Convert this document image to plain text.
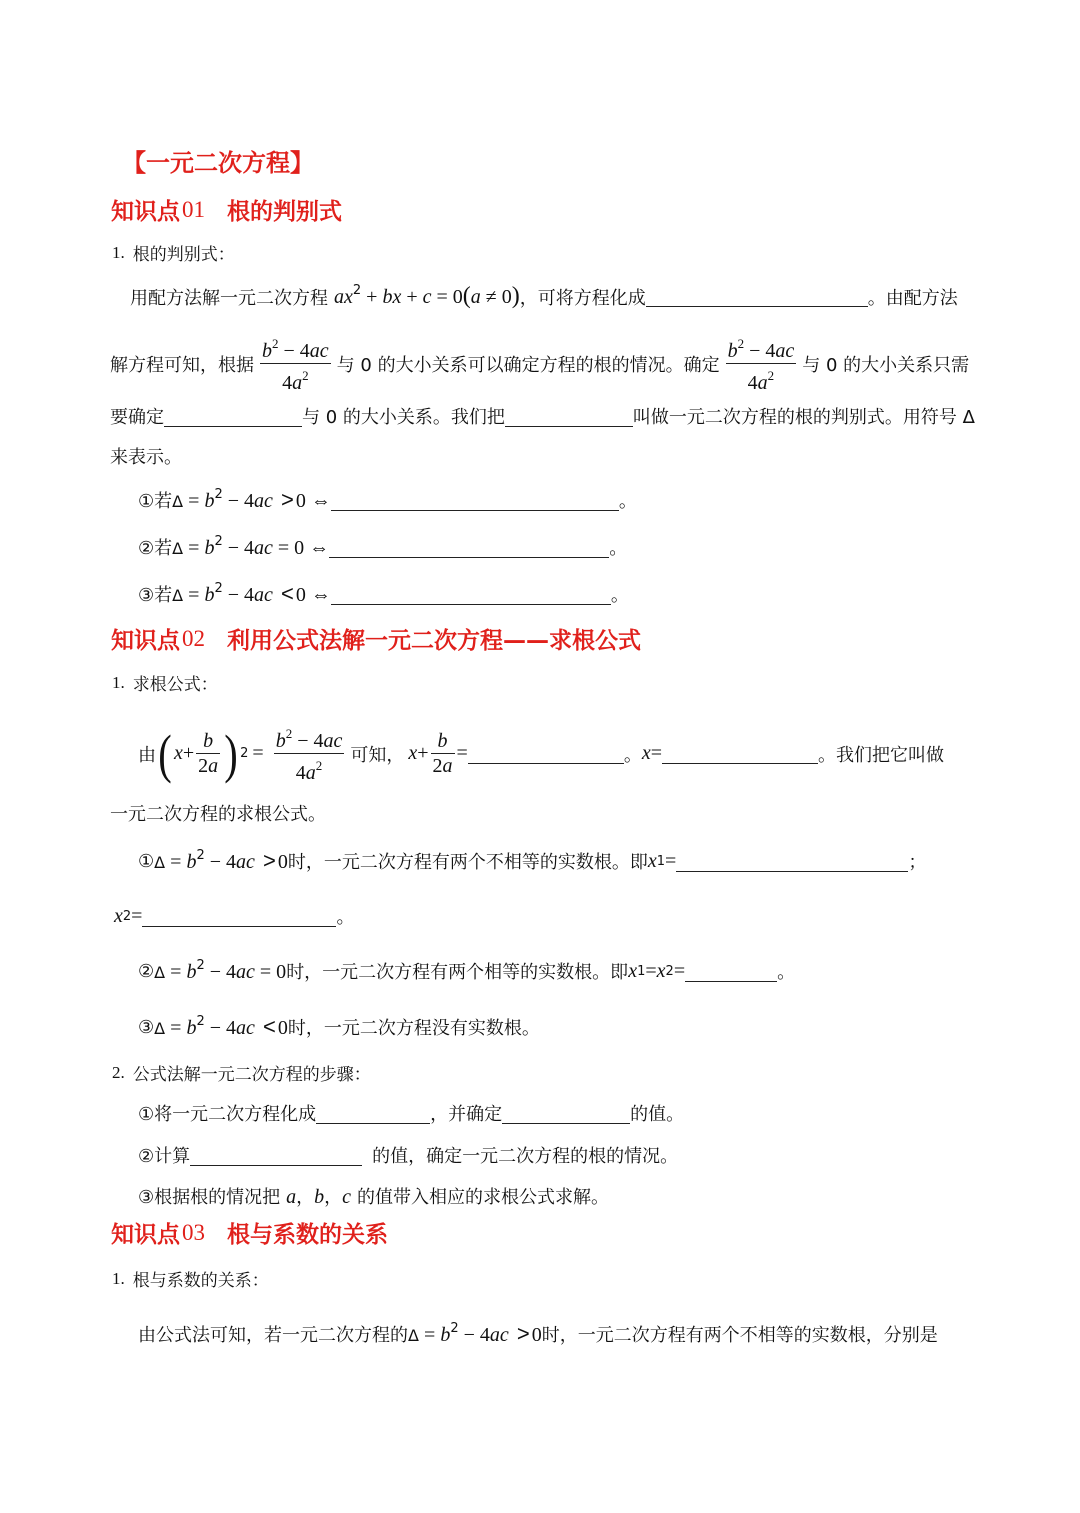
【一元二次方程】
知识点 01 根的判别式
1. 根的判别式：
用配方法解一元二次方程 $ax^2$ + bx + c = 0(a ≠ 0) ，可将方程化成	。由配方法
解方程可知，根据 $\frac{b^2 - 4ac}{4a^2}$ 与 0 的大小关系可以确定方程的根的情况。确定 $\frac{b^2 - 4ac}{4a^2}$ 与 0 的大小关系只需
要确定	与 0 的大小关系。我们把	叫做一元二次方程的根的判别式。用符号 Δ
来表示。
①若 $\Delta = b^2 - 4ac > 0$ ⇔	。
②若 $\Delta = b^2 - 4ac = 0$ ⇔	。
③若 $\Delta = b^2 - 4ac < 0$ ⇔	。
知识点 02 利用公式法解一元二次方程——求根公式
1. 求根公式：
由 ( $x + \frac{b}{2a}$ ) $2 = \frac{b^2 - 4ac}{4a^2}$ 可知， $x + \frac{b}{2a}$ =	。 x =	。我们把它叫做
一元二次方程的求根公式。
① $\Delta = b^2 - 4ac > 0$ 时，一元二次方程有两个不相等的实数根。即 x 1 =	；
x 2 =	。
② $\Delta = b^2 - 4ac = 0$ 时，一元二次方程有两个相等的实数根。即 x 1 = x 2 =	。
③ $\Delta = b^2 - 4ac < 0$ 时，一元二次方程没有实数根。
2. 公式法解一元二次方程的步骤：
①将一元二次方程化成	，并确定	的值。
②计算	的值，确定一元二次方程的根的情况。
③根据根的情况把 a，b，c 的值带入相应的求根公式求解。
知识点 03 根与系数的关系
1. 根与系数的关系：
由公式法可知，若一元二次方程的 $\Delta = b^2 - 4ac > 0$ 时，一元二次方程有两个不相等的实数根，分别是
